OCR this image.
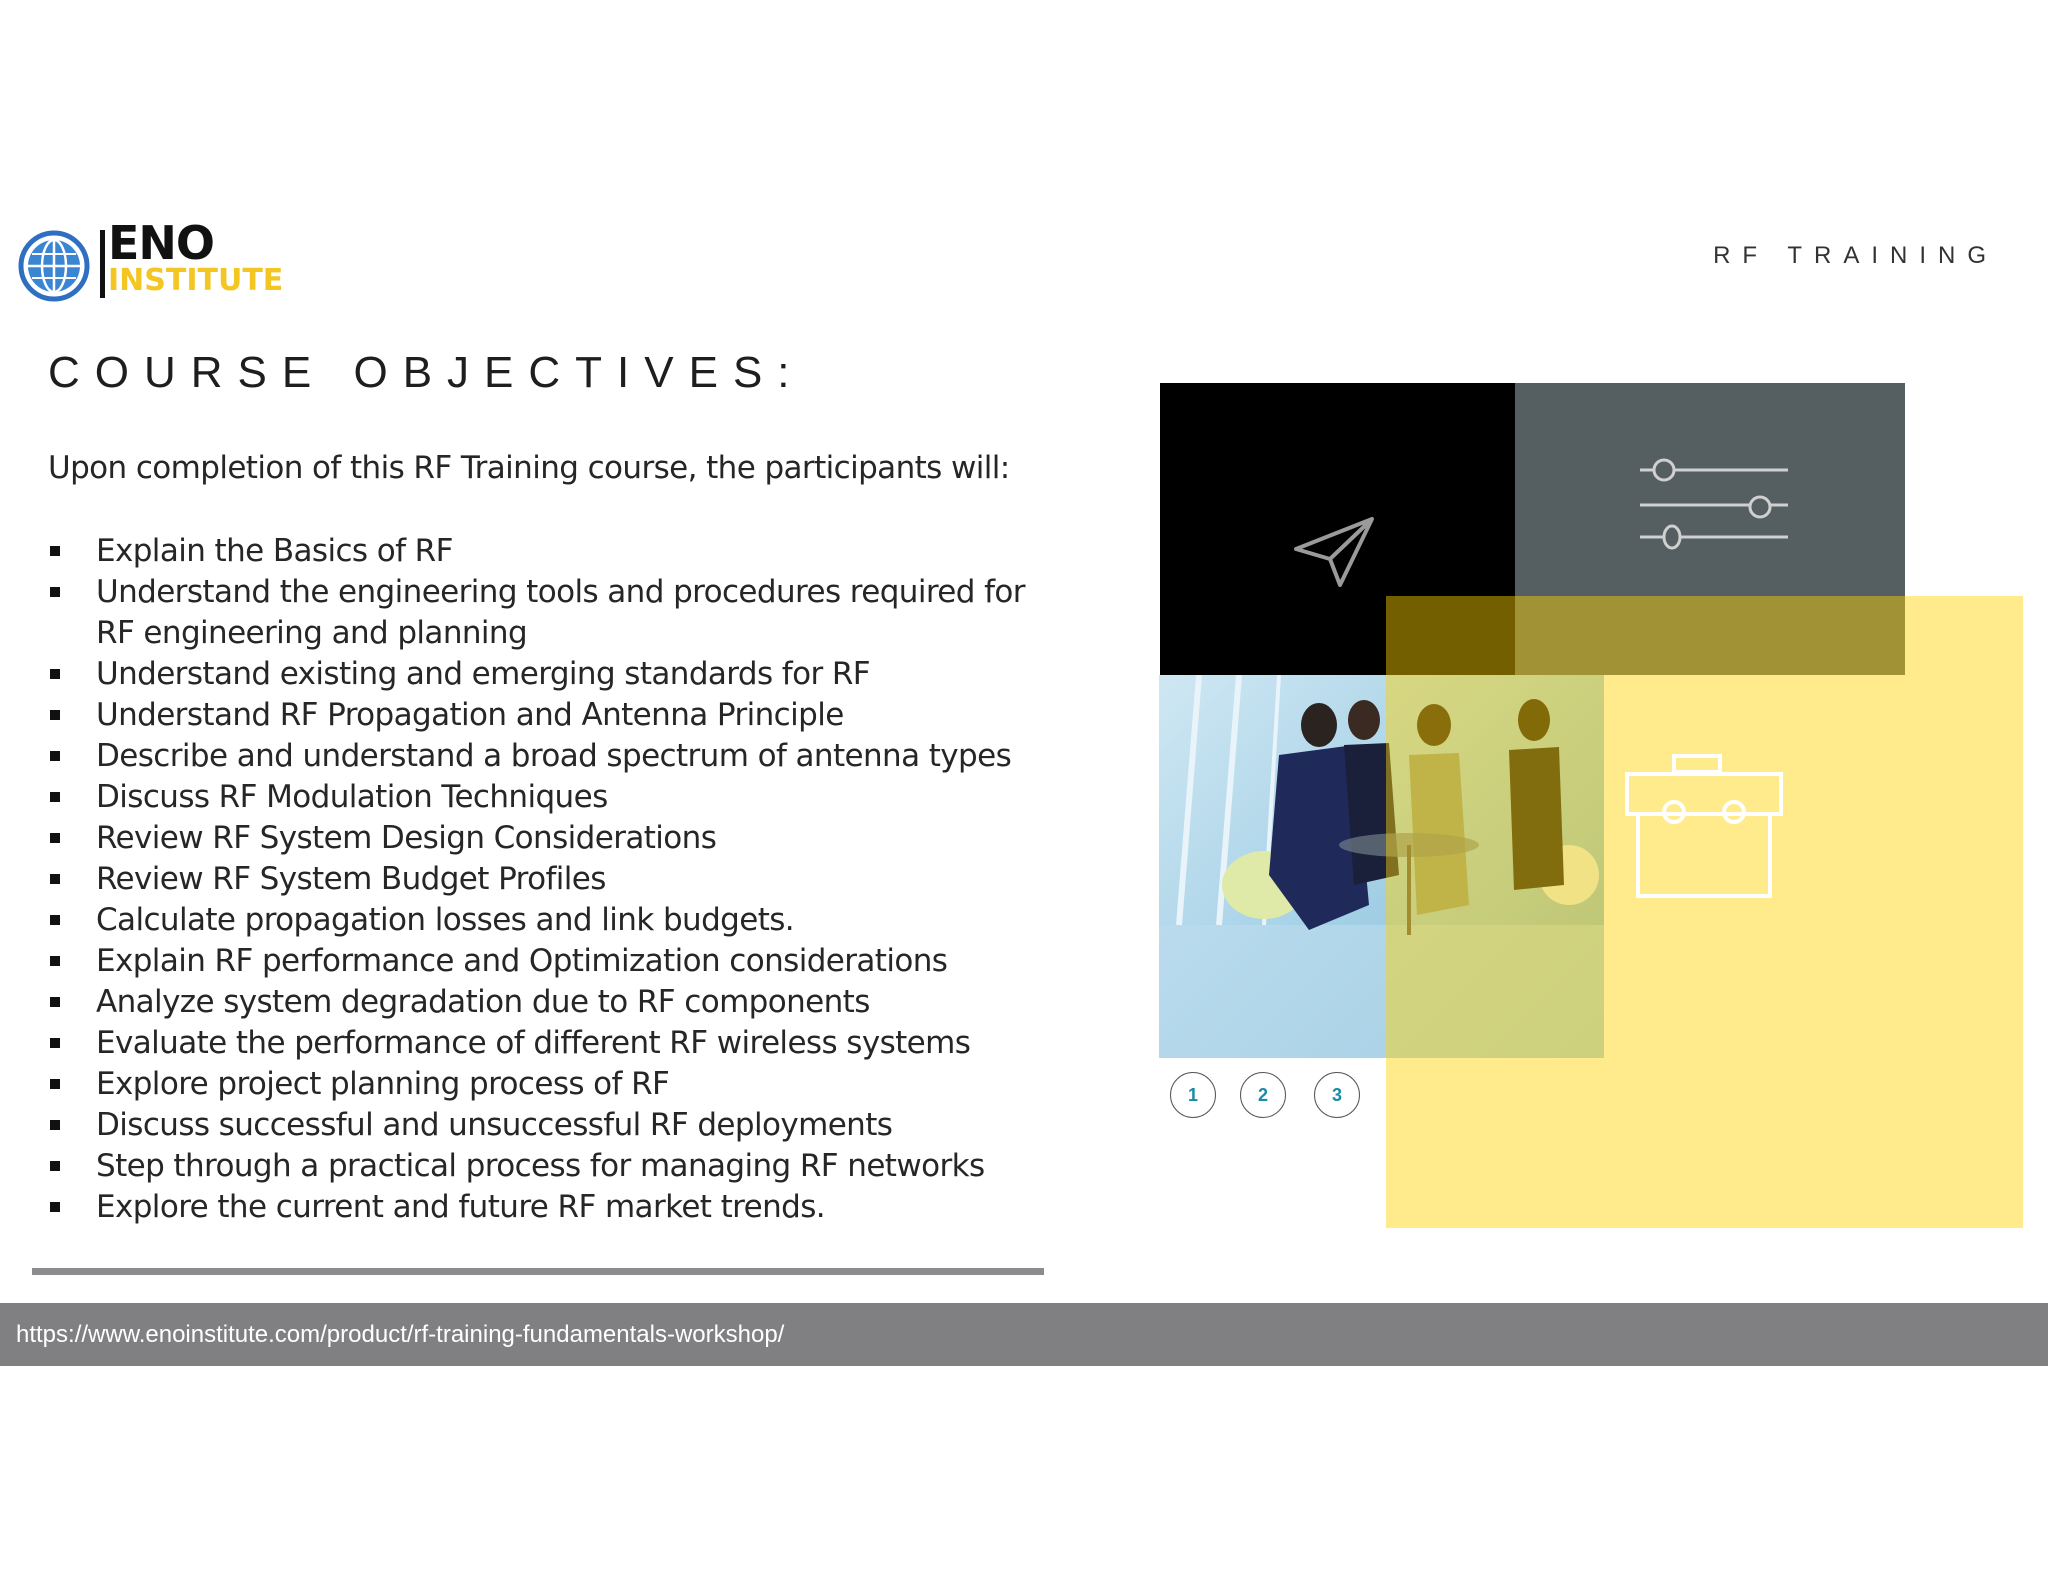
ENO
INSTITUTE
RF TRAINING
COURSE OBJECTIVES:

Upon completion of this RF Training course, the participants will:

Explain the Basics of RF
Understand the engineering tools and procedures required for RF engineering and planning
Understand existing and emerging standards for RF
Understand RF Propagation and Antenna Principle
Describe and understand a broad spectrum of antenna types
Discuss RF Modulation Techniques
Review RF System Design Considerations
Review RF System Budget Profiles
Calculate propagation losses and link budgets.
Explain RF performance and Optimization considerations
Analyze system degradation due to RF components
Evaluate the performance of different RF wireless systems
Explore project planning process of RF
Discuss successful and unsuccessful RF deployments
Step through a practical process for managing RF networks
Explore the current and future RF market trends.
1	2	3
https://www.enoinstitute.com/product/rf-training-fundamentals-workshop/
